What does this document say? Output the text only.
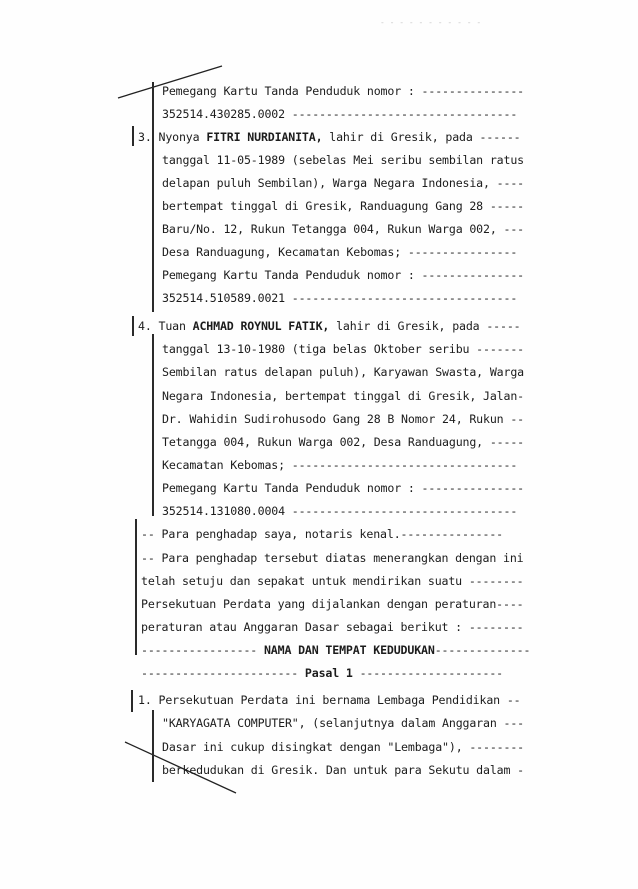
- - - - - - - - - - -
Pemegang Kartu Tanda Penduduk nomor : ---------------
352514.430285.0002 ---------------------------------
3. Nyonya FITRI NURDIANITA, lahir di Gresik, pada ------
tanggal 11-05-1989 (sebelas Mei seribu sembilan ratus
delapan puluh Sembilan), Warga Negara Indonesia, ----
bertempat tinggal di Gresik, Randuagung Gang 28 -----
Baru/No. 12, Rukun Tetangga 004, Rukun Warga 002, ---
Desa Randuagung, Kecamatan Kebomas; ----------------
Pemegang Kartu Tanda Penduduk nomor : ---------------
352514.510589.0021 ---------------------------------
4. Tuan ACHMAD ROYNUL FATIK, lahir di Gresik, pada -----
tanggal 13-10-1980 (tiga belas Oktober seribu -------
Sembilan ratus delapan puluh), Karyawan Swasta, Warga
Negara Indonesia, bertempat tinggal di Gresik, Jalan-
Dr. Wahidin Sudirohusodo Gang 28 B Nomor 24, Rukun --
Tetangga 004, Rukun Warga 002, Desa Randuagung, -----
Kecamatan Kebomas; ---------------------------------
Pemegang Kartu Tanda Penduduk nomor : ---------------
352514.131080.0004 ---------------------------------
-- Para penghadap saya, notaris kenal.---------------
-- Para penghadap tersebut diatas menerangkan dengan ini
telah setuju dan sepakat untuk mendirikan suatu --------
Persekutuan Perdata yang dijalankan dengan peraturan----
peraturan atau Anggaran Dasar sebagai berikut : --------
----------------- NAMA DAN TEMPAT KEDUDUKAN--------------
----------------------- Pasal 1 ---------------------
1. Persekutuan Perdata ini bernama Lembaga Pendidikan --
"KARYAGATA COMPUTER", (selanjutnya dalam Anggaran ---
Dasar ini cukup disingkat dengan "Lembaga"), --------
berkedudukan di Gresik. Dan untuk para Sekutu dalam -
